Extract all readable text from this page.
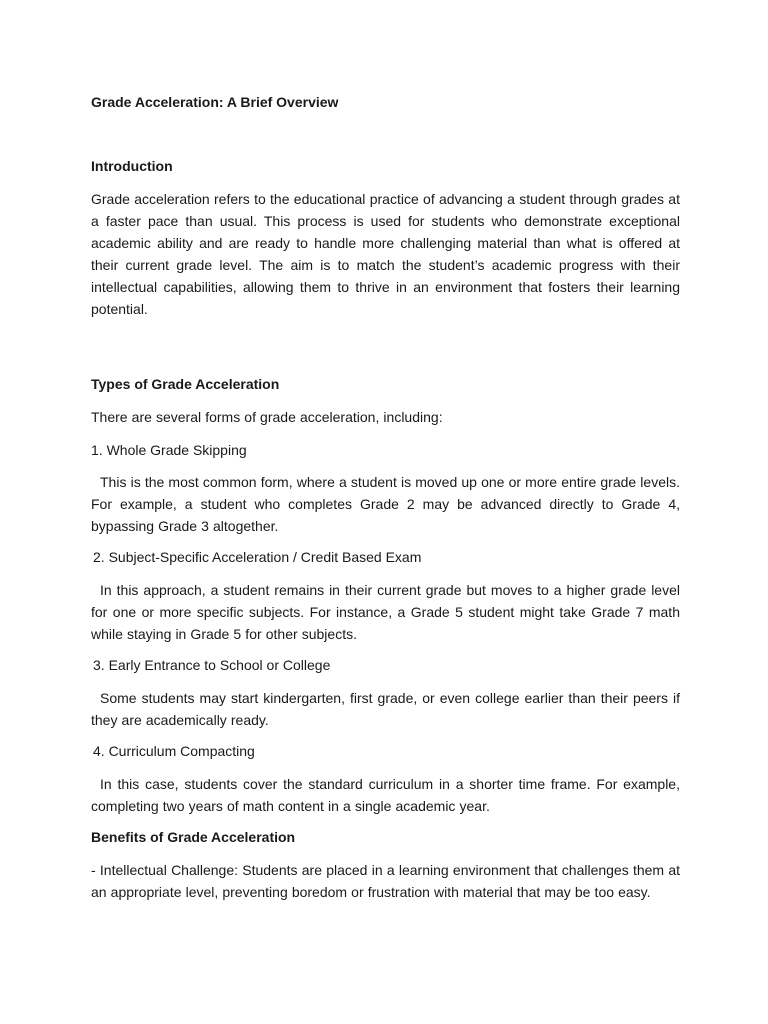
Grade Acceleration: A Brief Overview
Introduction

Grade acceleration refers to the educational practice of advancing a student through grades at a faster pace than usual. This process is used for students who demonstrate exceptional academic ability and are ready to handle more challenging material than what is offered at their current grade level. The aim is to match the student’s academic progress with their intellectual capabilities, allowing them to thrive in an environment that fosters their learning potential.

Types of Grade Acceleration

There are several forms of grade acceleration, including:

1. Whole Grade Skipping

This is the most common form, where a student is moved up one or more entire grade levels. For example, a student who completes Grade 2 may be advanced directly to Grade 4, bypassing Grade 3 altogether.

2. Subject-Specific Acceleration / Credit Based Exam

In this approach, a student remains in their current grade but moves to a higher grade level for one or more specific subjects. For instance, a Grade 5 student might take Grade 7 math while staying in Grade 5 for other subjects.

3. Early Entrance to School or College

Some students may start kindergarten, first grade, or even college earlier than their peers if they are academically ready.

4. Curriculum Compacting

In this case, students cover the standard curriculum in a shorter time frame. For example, completing two years of math content in a single academic year.

Benefits of Grade Acceleration

- Intellectual Challenge: Students are placed in a learning environment that challenges them at an appropriate level, preventing boredom or frustration with material that may be too easy.
